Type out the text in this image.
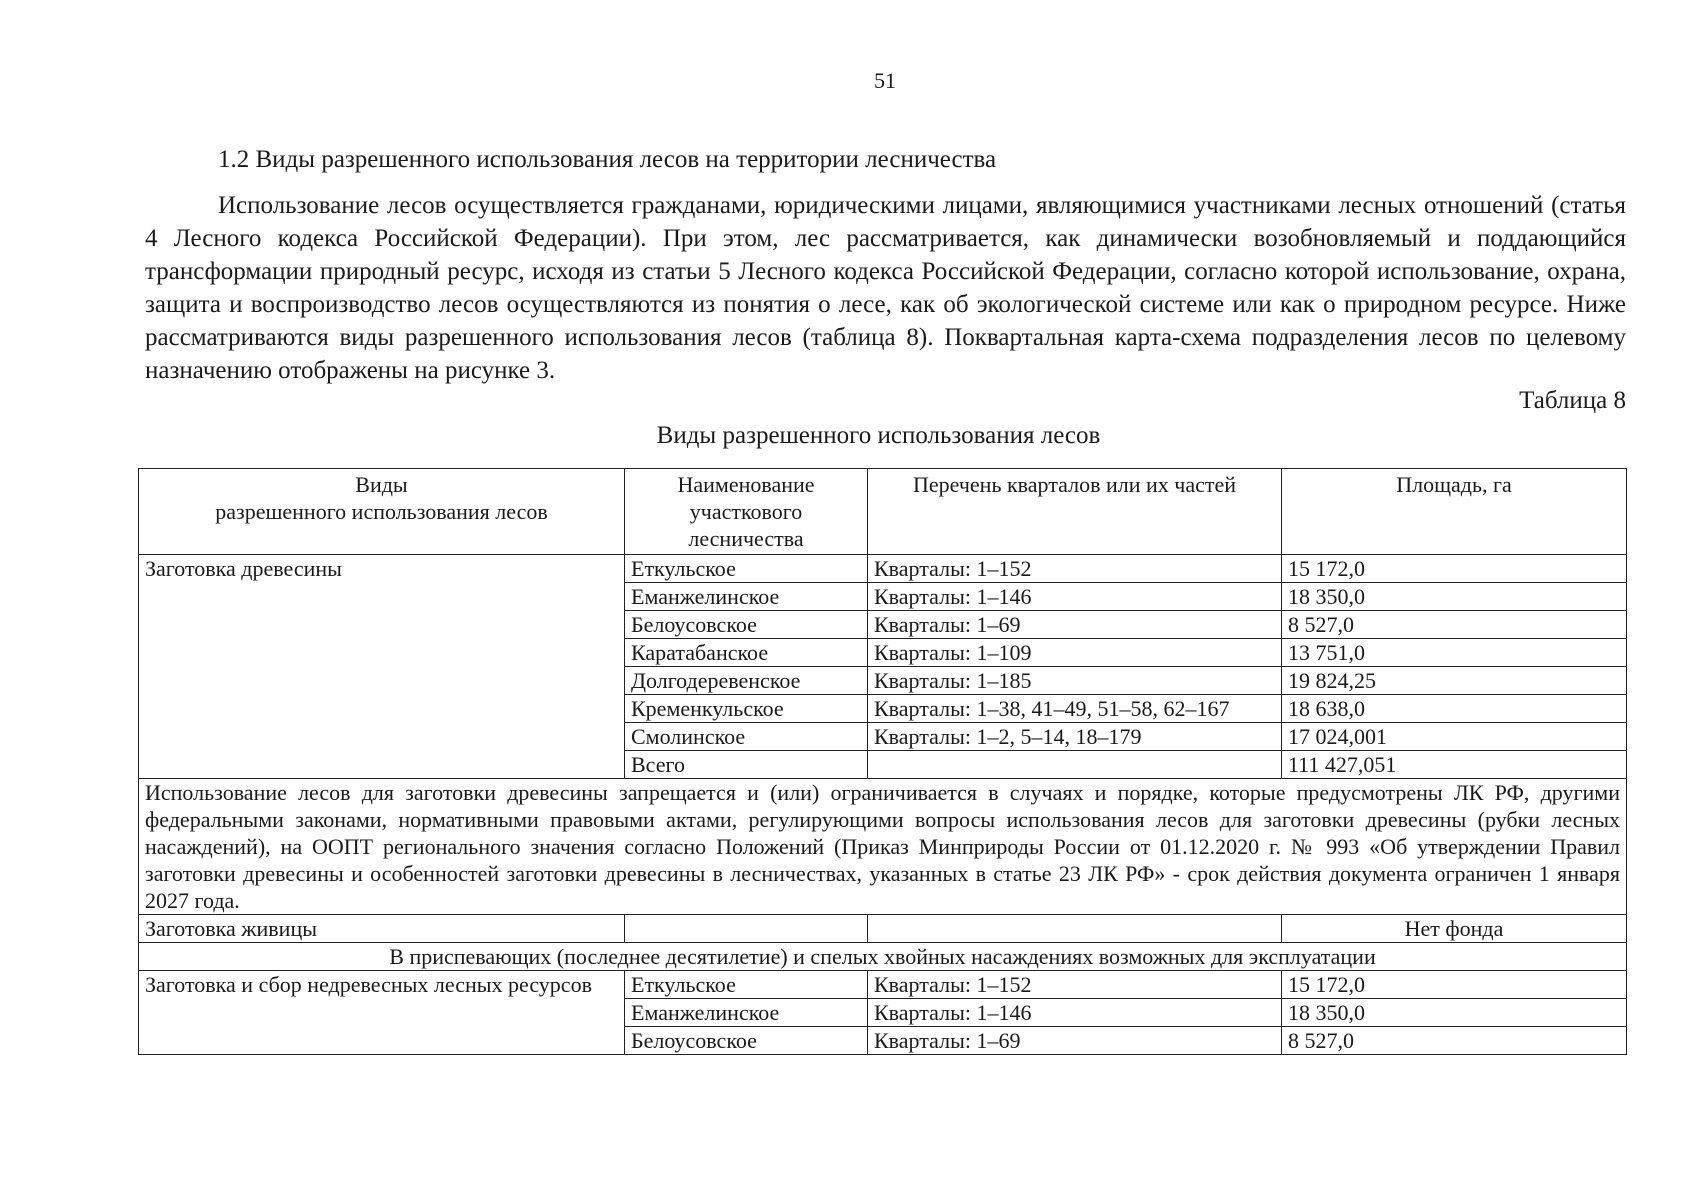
51
1.2 Виды разрешенного использования лесов на территории лесничества

Использование лесов осуществляется гражданами, юридическими лицами, являющимися участниками лесных отношений (статья 4 Лесного кодекса Российской Федерации). При этом, лес рассматривается, как динамически возобновляемый и поддающийся трансформации природный ресурс, исходя из статьи 5 Лесного кодекса Российской Федерации, согласно которой использование, охрана, защита и воспроизводство лесов осуществляются из понятия о лесе, как об экологической системе или как о природном ресурсе. Ниже рассматриваются виды разрешенного использования лесов (таблица 8). Поквартальная карта-схема подразделения лесов по целевому назначению отображены на рисунке 3.

Таблица 8
Виды разрешенного использования лесов
Виды
разрешенного использования лесов	Наименование участкового лесничества	Перечень кварталов или их частей	Площадь, га
Заготовка древесины	Еткульское	Кварталы: 1–152	15 172,0
	Еманжелинское	Кварталы: 1–146	18 350,0
	Белоусовское	Кварталы: 1–69	8 527,0
	Каратабанское	Кварталы: 1–109	13 751,0
	Долгодеревенское	Кварталы: 1–185	19 824,25
	Кременкульское	Кварталы: 1–38, 41–49, 51–58, 62–167	18 638,0
	Смолинское	Кварталы: 1–2, 5–14, 18–179	17 024,001
	Всего		111 427,051
Использование лесов для заготовки древесины запрещается и (или) ограничивается в случаях и порядке, которые предусмотрены ЛК РФ, другими федеральными законами, нормативными правовыми актами, регулирующими вопросы использования лесов для заготовки древесины (рубки лесных насаждений), на ООПТ регионального значения согласно Положений (Приказ Минприроды России от 01.12.2020 г. № 993 «Об утверждении Правил заготовки древесины и особенностей заготовки древесины в лесничествах, указанных в статье 23 ЛК РФ» - срок действия документа ограничен 1 января 2027 года.			
Заготовка живицы			Нет фонда
В приспевающих (последнее десятилетие) и спелых хвойных насаждениях возможных для эксплуатации			
Заготовка и сбор недревесных лесных ресурсов	Еткульское	Кварталы: 1–152	15 172,0
	Еманжелинское	Кварталы: 1–146	18 350,0
	Белоусовское	Кварталы: 1–69	8 527,0
